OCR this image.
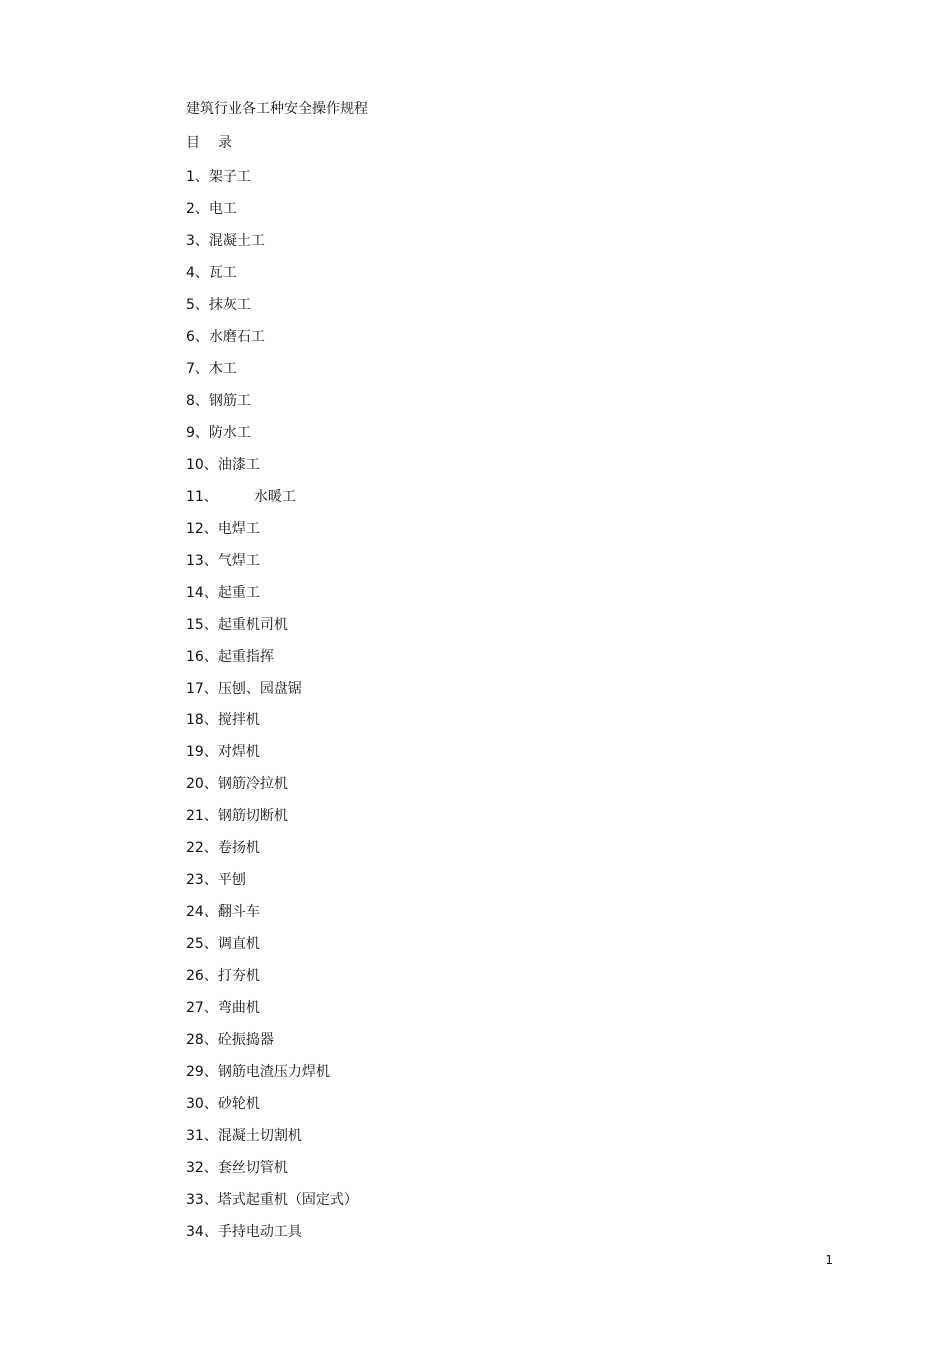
建筑行业各工种安全操作规程
目 录
1、架子工
2、电工
3、混凝土工
4、瓦工
5、抹灰工
6、水磨石工
7、木工
8、钢筋工
9、防水工
10、油漆工
11、	水暖工
12、电焊工
13、气焊工
14、起重工
15、起重机司机
16、起重指挥
17、压刨、园盘锯
18、搅拌机
19、对焊机
20、钢筋冷拉机
21、钢筋切断机
22、卷扬机
23、平刨
24、翻斗车
25、调直机
26、打夯机
27、弯曲机
28、砼振捣器
29、钢筋电渣压力焊机
30、砂轮机
31、混凝土切割机
32、套丝切管机
33、塔式起重机（固定式）
34、手持电动工具
1
